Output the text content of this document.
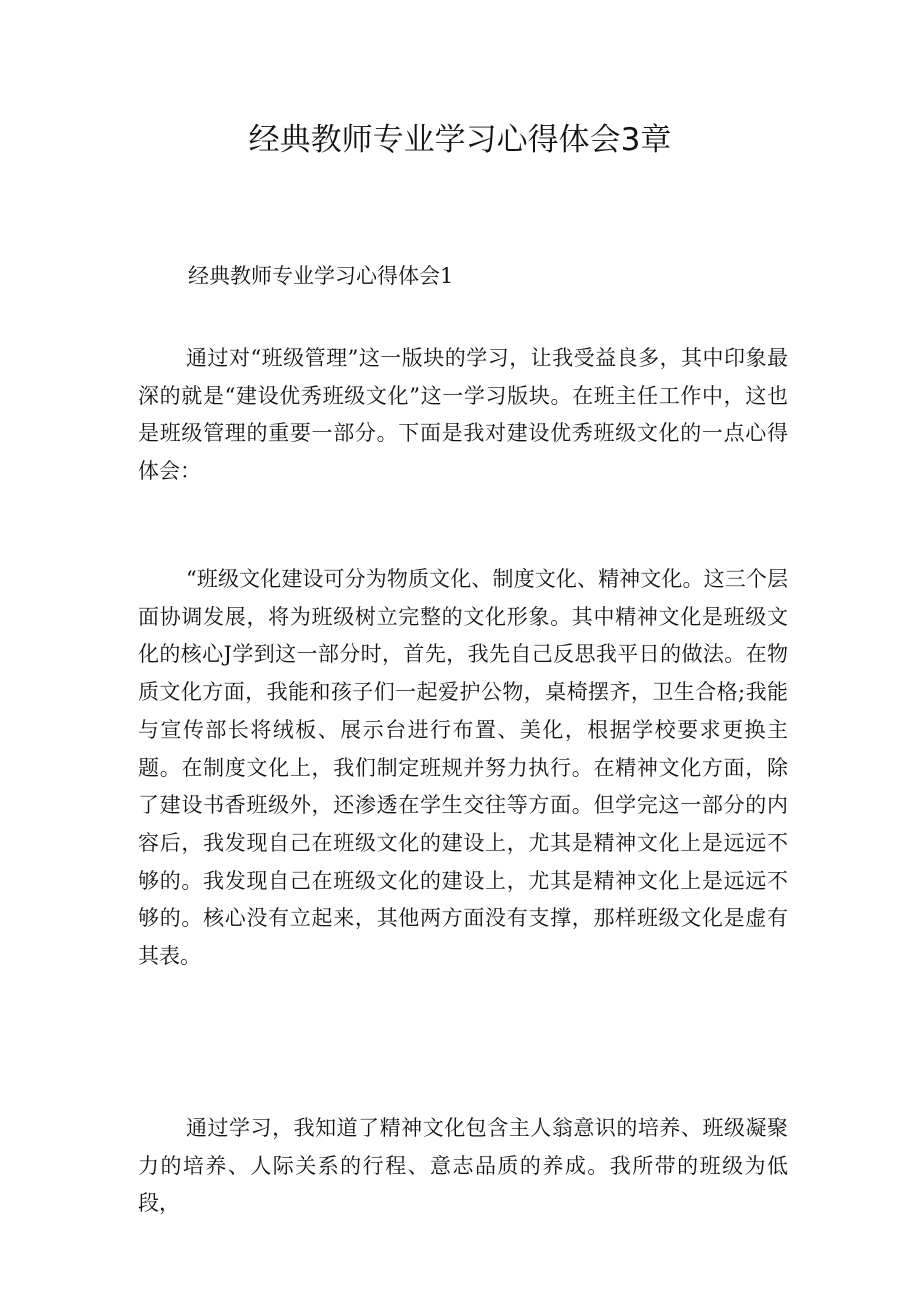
经典教师专业学习心得体会3章
经典教师专业学习心得体会1

通过对“班级管理”这一版块的学习，让我受益良多，其中印象最深的就是“建设优秀班级文化”这一学习版块。在班主任工作中，这也是班级管理的重要一部分。下面是我对建设优秀班级文化的一点心得体会：

“班级文化建设可分为物质文化、制度文化、精神文化。这三个层面协调发展，将为班级树立完整的文化形象。其中精神文化是班级文化的核心J学到这一部分时，首先，我先自己反思我平日的做法。在物质文化方面，我能和孩子们一起爱护公物，桌椅摆齐，卫生合格;我能与宣传部长将绒板、展示台进行布置、美化，根据学校要求更换主题。在制度文化上，我们制定班规并努力执行。在精神文化方面，除了建设书香班级外，还渗透在学生交往等方面。但学完这一部分的内容后，我发现自己在班级文化的建设上，尤其是精神文化上是远远不够的。我发现自己在班级文化的建设上，尤其是精神文化上是远远不够的。核心没有立起来，其他两方面没有支撑，那样班级文化是虚有其表。

通过学习，我知道了精神文化包含主人翁意识的培养、班级凝聚力的培养、人际关系的行程、意志品质的养成。我所带的班级为低段，
